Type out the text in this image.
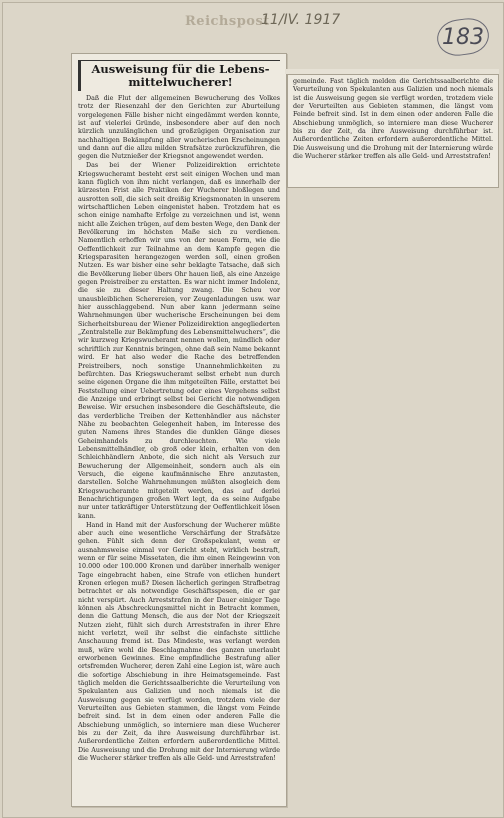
Reichspost
11/IV. 1917
183
Ausweisung für die Lebens-
mittelwucherer!

Daß die Flut der allgemeinen Bewucherung des Volkes trotz der Riesenzahl der den Gerichten zur Aburteilung vorgelegenen Fälle bisher nicht eingedämmt werden konnte, ist auf vielerlei Gründe, insbesondere aber auf den noch kürzlich unzulänglichen und großzügigen Organisation zur nachhaltigen Bekämpfung aller wucherischen Erscheinungen und dann auf die allzu milden Strafsätze zurückzuführen, die gegen die Nutznießer der Kriegsnot angewendet werden.

Das bei der Wiener Polizeidirektion errichtete Kriegswucheramt besteht erst seit einigen Wochen und man kann füglich von ihm nicht verlangen, daß es innerhalb der kürzesten Frist alle Praktiken der Wucherer bloßlegen und ausrotten soll, die sich seit dreißig Kriegsmonaten in unserem wirtschaftlichen Leben eingenistet haben. Trotzdem hat es schon einige namhafte Erfolge zu verzeichnen und ist, wenn nicht alle Zeichen trügen, auf dem besten Wege, den Dank der Bevölkerung im höchsten Maße sich zu verdienen. Namentlich erhoffen wir uns von der neuen Form, wie die Oeffentlichkeit zur Teilnahme an dem Kampfe gegen die Kriegsparasiten herangezogen werden soll, einen großen Nutzen. Es war bisher eine sehr beklagte Tatsache, daß sich die Bevölkerung lieber übers Ohr hauen ließ, als eine Anzeige gegen Preistreiber zu erstatten. Es war nicht immer Indolenz, die sie zu dieser Haltung zwang. Die Scheu vor unausbleiblichen Scherereien, vor Zeugenladungen usw. war hier ausschlaggebend. Nun aber kann jedermann seine Wahrnehmungen über wucherische Erscheinungen bei dem Sicherheitsbureau der Wiener Polizeidirektion angegliederten „Zentralstelle zur Bekämpfung des Lebensmittelwuchers“, die wir kurzweg Kriegswucheramt nennen wollen, mündlich oder schriftlich zur Kenntnis bringen, ohne daß sein Name bekannt wird. Er hat also weder die Rache des betreffenden Preistreibers, noch sonstige Unannehmlichkeiten zu befürchten. Das Kriegswucheramt selbst erhebt nun durch seine eigenen Organe die ihm mitgeteilten Fälle, erstattet bei Feststellung einer Uebertretung oder eines Vergehens selbst die Anzeige und erbringt selbst bei Gericht die notwendigen Beweise. Wir ersuchen insbesondere die Geschäftsleute, die das verderbliche Treiben der Kettenhändler aus nächster Nähe zu beobachten Gelegenheit haben, im Interesse des guten Namens ihres Standes die dunklen Gänge dieses Geheimhandels zu durchleuchten. Wie viele Lebensmittelhändler, ob groß oder klein, erhalten von den Schleichhändlern Anbote, die sich nicht als Versuch zur Bewucherung der Allgemeinheit, sondern auch als ein Versuch, die eigene kaufmännische Ehre anzutasten, darstellen. Solche Wahrnehmungen müßten alsogleich dem Kriegswucheramte mitgeteilt werden, das auf derlei Benachrichtigungen großen Wert legt, da es seine Aufgabe nur unter tatkräftiger Unterstützung der Oeffentlichkeit lösen kann.

Hand in Hand mit der Ausforschung der Wucherer müßte aber auch eine wesentliche Verschärfung der Strafsätze gehen. Fühlt sich denn der Großspekulant, wenn er ausnahmsweise einmal vor Gericht steht, wirklich bestraft, wenn er für seine Missetaten, die ihm einen Reingewinn von 10.000 oder 100.000 Kronen und darüber innerhalb weniger Tage eingebracht haben, eine Strafe von etlichen hundert Kronen erlegen muß? Diesen lächerlich geringen Strafbetrag betrachtet er als notwendige Geschäftsspesen, die er gar nicht verspürt. Auch Arreststrafen in der Dauer einiger Tage können als Abschreckungsmittel nicht in Betracht kommen, denn die Gattung Mensch, die aus der Not der Kriegszeit Nutzen zieht, fühlt sich durch Arreststrafen in ihrer Ehre nicht verletzt, weil ihr selbst die einfachste sittliche Anschauung fremd ist. Das Mindeste, was verlangt werden muß, wäre wohl die Beschlagnahme des ganzen unerlaubt erworbenen Gewinnes. Eine empfindliche Bestrafung aller ortsfremden Wucherer, deren Zahl eine Legion ist, wäre auch die sofortige Abschiebung in ihre Heimatsgemeinde. Fast täglich melden die Gerichtssaalberichte die Verurteilung von Spekulanten aus Galizien und noch niemals ist die Ausweisung gegen sie verfügt worden, trotzdem viele der Verurteilten aus Gebieten stammen, die längst vom Feinde befreit sind. Ist in dem einen oder anderen Falle die Abschiebung unmöglich, so interniere man diese Wucherer bis zu der Zeit, da ihre Ausweisung durchführbar ist. Außerordentliche Zeiten erfordern außerordentliche Mittel. Die Ausweisung und die Drohung mit der Internierung würde die Wucherer stärker treffen als alle Geld- und Arreststrafen!

gemeinde. Fast täglich melden die Gerichtssaalberichte die Verurteilung von Spekulanten aus Galizien und noch niemals ist die Ausweisung gegen sie verfügt worden, trotzdem viele der Verurteilten aus Gebieten stammen, die längst vom Feinde befreit sind. Ist in dem einen oder anderen Falle die Abschiebung unmöglich, so interniere man diese Wucherer bis zu der Zeit, da ihre Ausweisung durchführbar ist. Außerordentliche Zeiten erfordern außerordentliche Mittel. Die Ausweisung und die Drohung mit der Internierung würde die Wucherer stärker treffen als alle Geld- und Arreststrafen!
